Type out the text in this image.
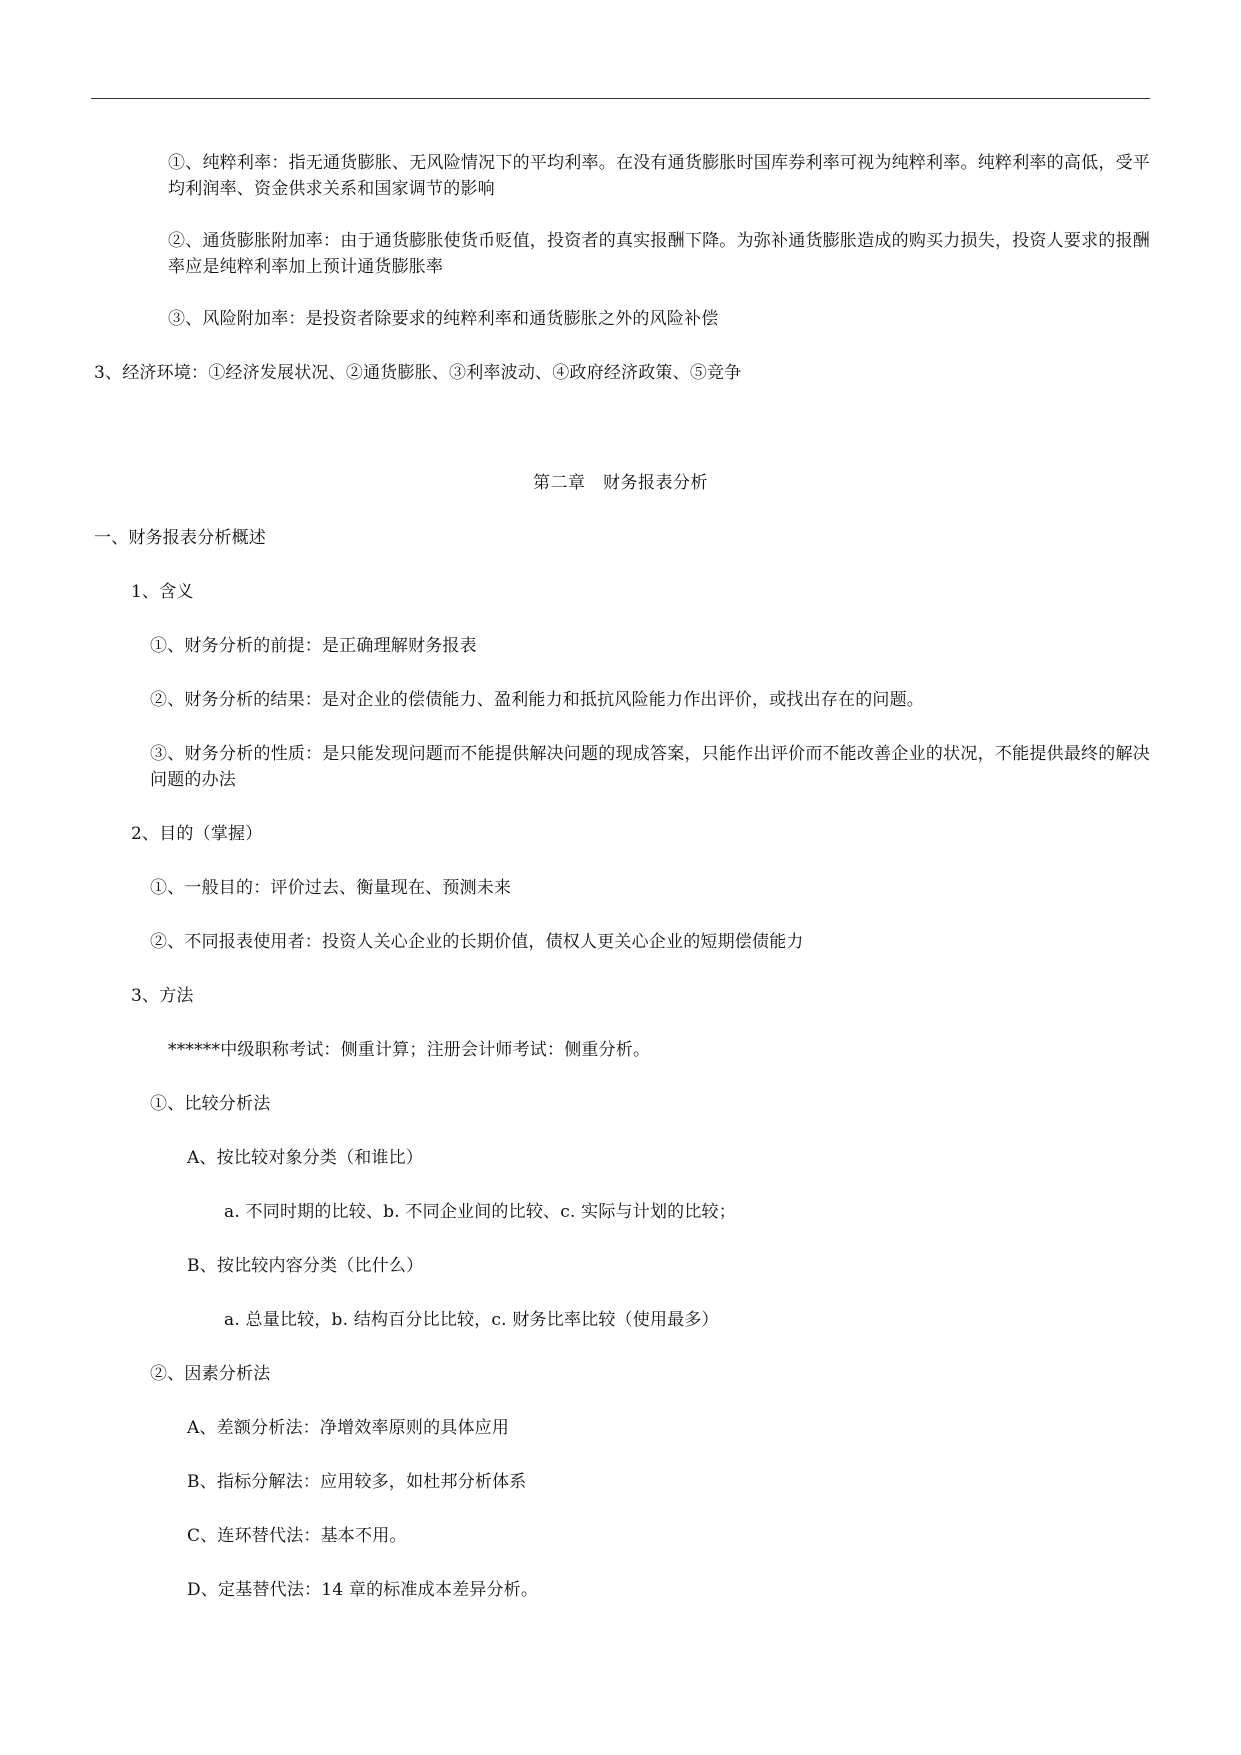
①、纯粹利率：指无通货膨胀、无风险情况下的平均利率。在没有通货膨胀时国库券利率可视为纯粹利率。纯粹利率的高低，受平均利润率、资金供求关系和国家调节的影响
②、通货膨胀附加率：由于通货膨胀使货币贬值，投资者的真实报酬下降。为弥补通货膨胀造成的购买力损失，投资人要求的报酬率应是纯粹利率加上预计通货膨胀率
③、风险附加率：是投资者除要求的纯粹利率和通货膨胀之外的风险补偿
3、经济环境：①经济发展状况、②通货膨胀、③利率波动、④政府经济政策、⑤竞争
第二章　财务报表分析
一、财务报表分析概述
1、含义
①、财务分析的前提：是正确理解财务报表
②、财务分析的结果：是对企业的偿债能力、盈利能力和抵抗风险能力作出评价，或找出存在的问题。
③、财务分析的性质：是只能发现问题而不能提供解决问题的现成答案，只能作出评价而不能改善企业的状况，不能提供最终的解决问题的办法
2、目的（掌握）
①、一般目的：评价过去、衡量现在、预测未来
②、不同报表使用者：投资人关心企业的长期价值，债权人更关心企业的短期偿债能力
3、方法
******中级职称考试：侧重计算；注册会计师考试：侧重分析。
①、比较分析法
A、按比较对象分类（和谁比）
a. 不同时期的比较、b. 不同企业间的比较、c. 实际与计划的比较；
B、按比较内容分类（比什么）
a. 总量比较，b. 结构百分比比较，c. 财务比率比较（使用最多）
②、因素分析法
A、差额分析法：净增效率原则的具体应用
B、指标分解法：应用较多，如杜邦分析体系
C、连环替代法：基本不用。
D、定基替代法：14 章的标准成本差异分析。
